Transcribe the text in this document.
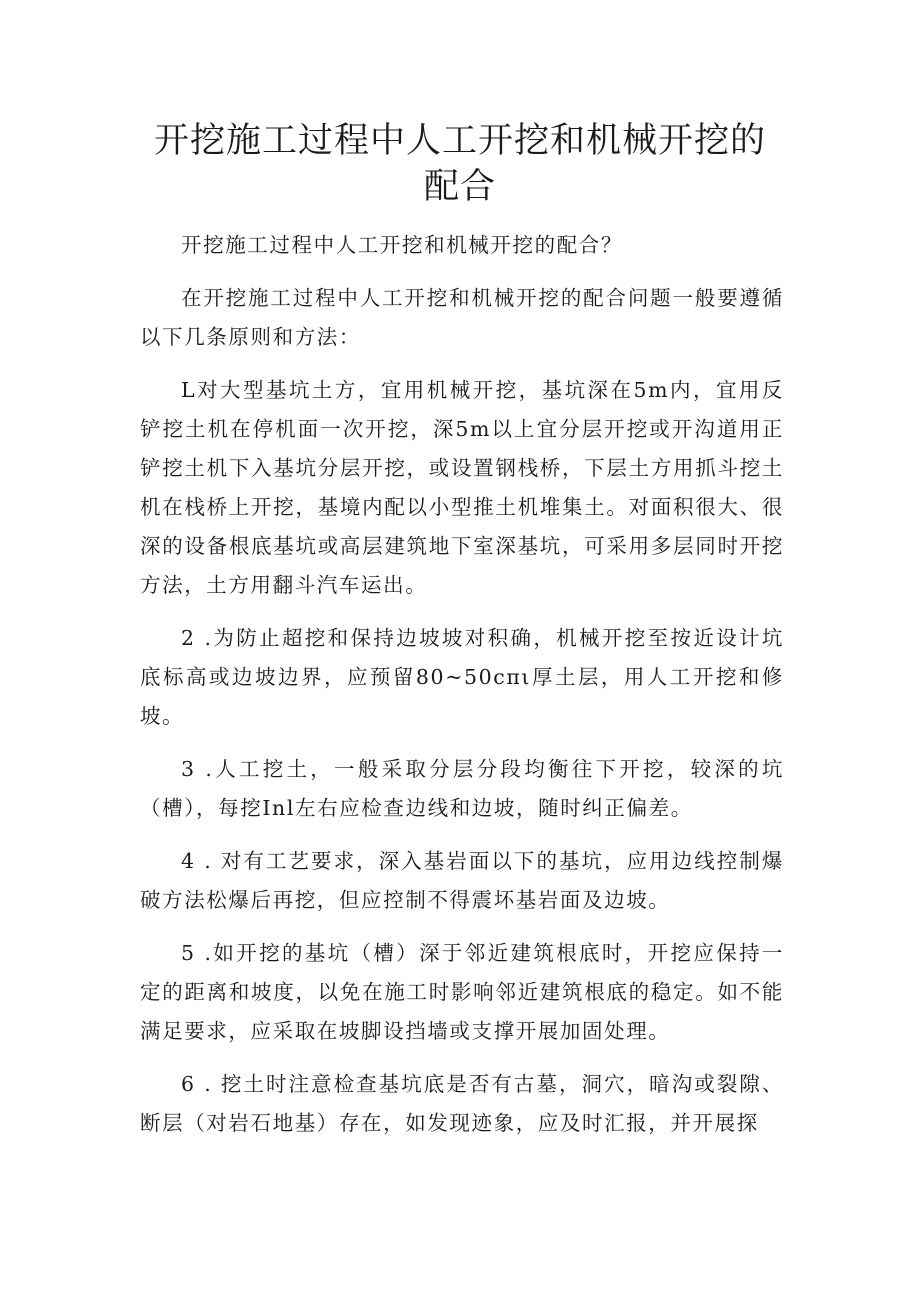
开挖施工过程中人工开挖和机械开挖的配合

开挖施工过程中人工开挖和机械开挖的配合？

在开挖施工过程中人工开挖和机械开挖的配合问题一般要遵循以下几条原则和方法：

L对大型基坑土方，宜用机械开挖，基坑深在5m内，宜用反铲挖土机在停机面一次开挖，深5m以上宜分层开挖或开沟道用正铲挖土机下入基坑分层开挖，或设置钢栈桥，下层土方用抓斗挖土机在栈桥上开挖，基境内配以小型推土机堆集土。对面积很大、很深的设备根底基坑或高层建筑地下室深基坑，可采用多层同时开挖方法，土方用翻斗汽车运出。

2 .为防止超挖和保持边坡坡对积确，机械开挖至按近设计坑底标高或边坡边界，应预留80~50cπι厚土层，用人工开挖和修坡。

3 .人工挖土，一般采取分层分段均衡往下开挖，较深的坑（槽），每挖Inl左右应检查边线和边坡，随时纠正偏差。

4 . 对有工艺要求，深入基岩面以下的基坑，应用边线控制爆破方法松爆后再挖，但应控制不得震坏基岩面及边坡。

5 .如开挖的基坑（槽）深于邻近建筑根底时，开挖应保持一定的距离和坡度，以免在施工时影响邻近建筑根底的稳定。如不能满足要求，应采取在坡脚设挡墙或支撑开展加固处理。

6 . 挖土时注意检查基坑底是否有古墓，洞穴，暗沟或裂隙、断层（对岩石地基）存在，如发现迹象，应及时汇报，并开展探
